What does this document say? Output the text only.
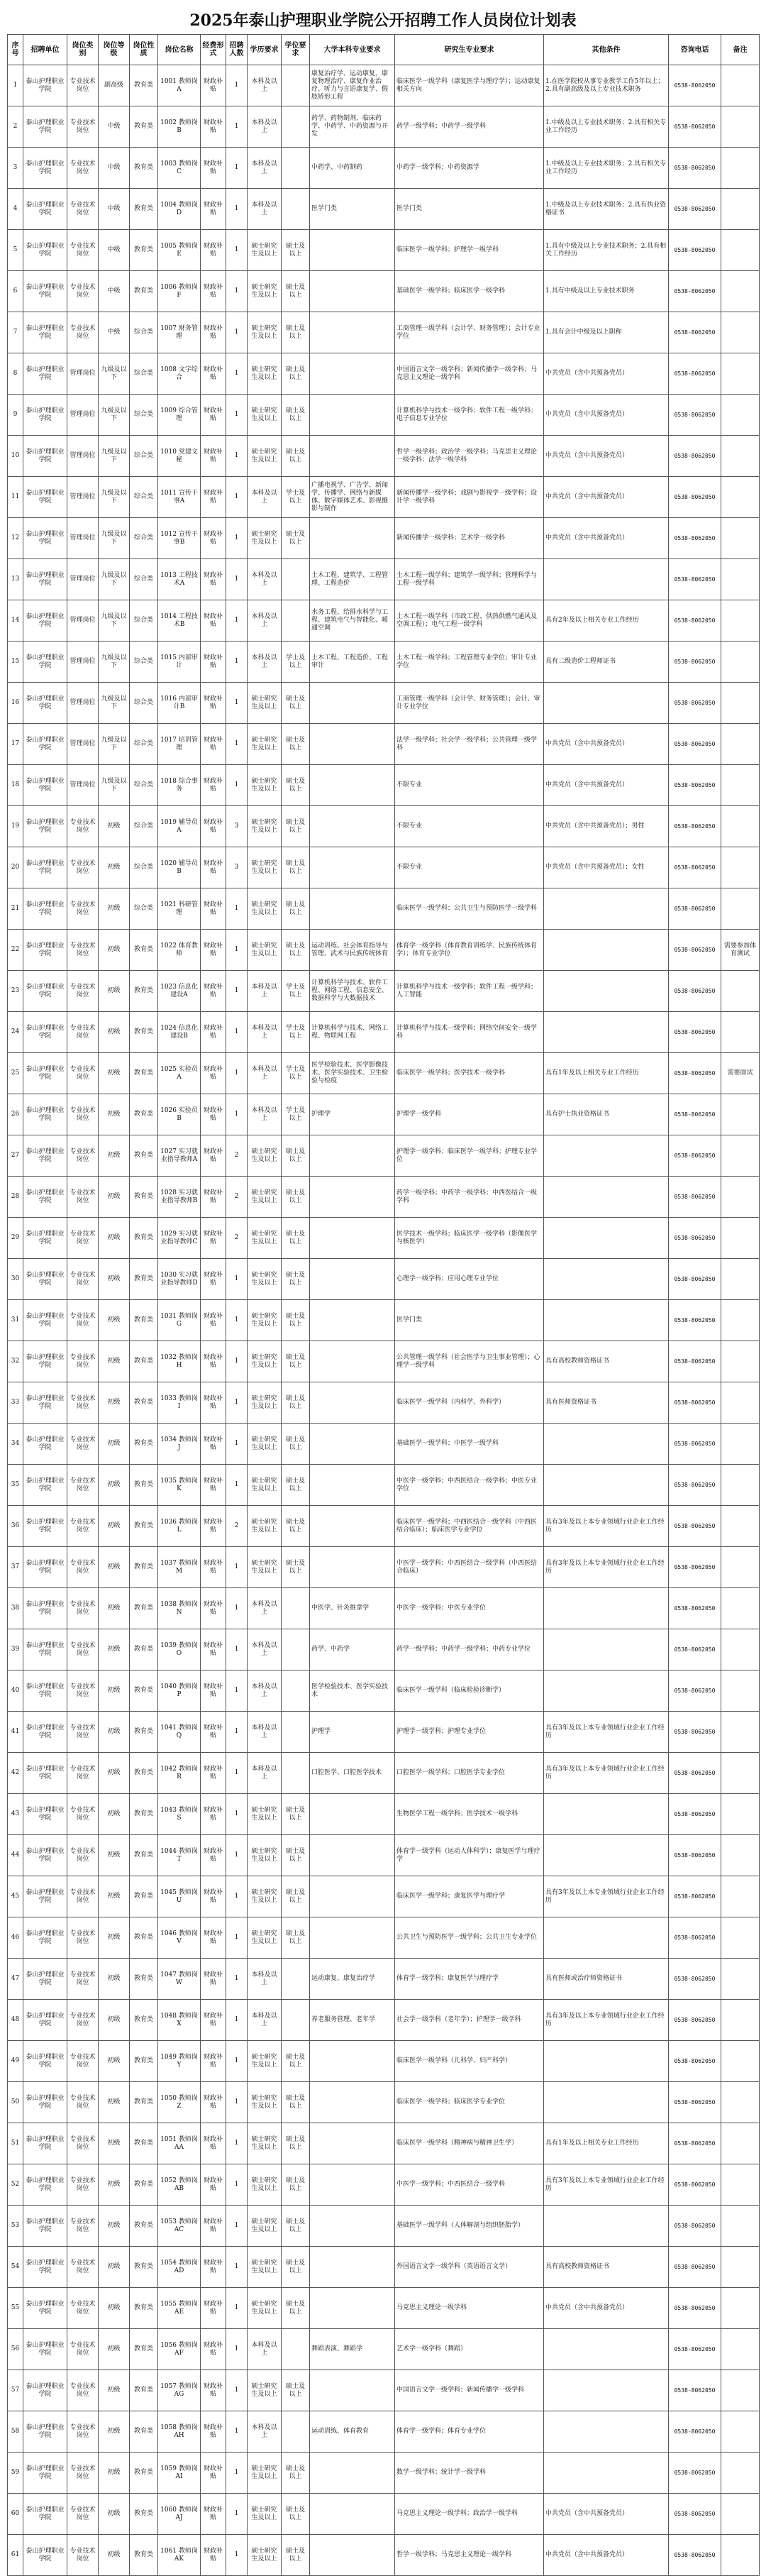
2025年泰山护理职业学院公开招聘工作人员岗位计划表
序号	招聘单位	岗位类别	岗位等级	岗位性质	岗位名称	经费形式	招聘人数	学历要求	学位要求	大学本科专业要求	研究生专业要求	其他条件	咨询电话	备注
1	泰山护理职业学院	专业技术岗位	副高级	教育类	1001 教师岗A	财政补贴	1	本科及以上		康复治疗学、运动康复、康复物理治疗、康复作业治疗、听力与言语康复学、假肢矫形工程	临床医学一级学科（康复医学与理疗学）；运动康复相关方向	1.在医学院校从事专业教学工作5年以上；2.具有副高级及以上专业技术职务	0538-8062050	
2	泰山护理职业学院	专业技术岗位	中级	教育类	1002 教师岗B	财政补贴	1	本科及以上		药学、药物制剂、临床药学、中药学、中药资源与开发	药学一级学科；中药学一级学科	1.中级及以上专业技术职务；2.具有相关专业工作经历	0538-8062050	
3	泰山护理职业学院	专业技术岗位	中级	教育类	1003 教师岗C	财政补贴	1	本科及以上		中药学、中药制药	中药学一级学科；中药资源学	1.中级及以上专业技术职务；2.具有相关专业工作经历	0538-8062050	
4	泰山护理职业学院	专业技术岗位	中级	教育类	1004 教师岗D	财政补贴	1	本科及以上		医学门类	医学门类	1.中级及以上专业技术职务；2.具有执业资格证书	0538-8062050	
5	泰山护理职业学院	专业技术岗位	中级	教育类	1005 教师岗E	财政补贴	1	硕士研究生及以上	硕士及以上		临床医学一级学科；护理学一级学科	1.具有中级及以上专业技术职务；2.具有相关工作经历	0538-8062050	
6	泰山护理职业学院	专业技术岗位	中级	教育类	1006 教师岗F	财政补贴	1	硕士研究生及以上	硕士及以上		基础医学一级学科；临床医学一级学科	1.具有中级及以上专业技术职务	0538-8062050	
7	泰山护理职业学院	专业技术岗位	中级	综合类	1007 财务管理	财政补贴	1	硕士研究生及以上	硕士及以上		工商管理一级学科（会计学、财务管理）；会计专业学位	1.具有会计中级及以上职称	0538-8062050	
8	泰山护理职业学院	管理岗位	九级及以下	综合类	1008 文字综合	财政补贴	1	硕士研究生及以上	硕士及以上		中国语言文学一级学科；新闻传播学一级学科；马克思主义理论一级学科	中共党员（含中共预备党员）	0538-8062050	
9	泰山护理职业学院	管理岗位	九级及以下	综合类	1009 综合管理	财政补贴	1	硕士研究生及以上	硕士及以上		计算机科学与技术一级学科；软件工程一级学科；电子信息专业学位	中共党员（含中共预备党员）	0538-8062050	
10	泰山护理职业学院	管理岗位	九级及以下	综合类	1010 党建文秘	财政补贴	1	硕士研究生及以上	硕士及以上		哲学一级学科；政治学一级学科；马克思主义理论一级学科；法学一级学科	中共党员（含中共预备党员）	0538-8062050	
11	泰山护理职业学院	管理岗位	九级及以下	综合类	1011 宣传干事A	财政补贴	1	本科及以上	学士及以上	广播电视学、广告学、新闻学、传播学、网络与新媒体、数字媒体艺术、影视摄影与制作	新闻传播学一级学科；戏剧与影视学一级学科；设计学一级学科	中共党员（含中共预备党员）	0538-8062050	
12	泰山护理职业学院	管理岗位	九级及以下	综合类	1012 宣传干事B	财政补贴	1	硕士研究生及以上	硕士及以上		新闻传播学一级学科；艺术学一级学科	中共党员（含中共预备党员）	0538-8062050	
13	泰山护理职业学院	管理岗位	九级及以下	综合类	1013 工程技术A	财政补贴	1	本科及以上		土木工程、建筑学、工程管理、工程造价	土木工程一级学科；建筑学一级学科；管理科学与工程一级学科		0538-8062050	
14	泰山护理职业学院	管理岗位	九级及以下	综合类	1014 工程技术B	财政补贴	1	本科及以上		水务工程、给排水科学与工程、建筑电气与智能化、暖通空调	土木工程一级学科（市政工程、供热供燃气通风及空调工程）；电气工程一级学科	具有2年及以上相关专业工作经历	0538-8062050	
15	泰山护理职业学院	管理岗位	九级及以下	综合类	1015 内部审计	财政补贴	1	本科及以上	学士及以上	土木工程、工程造价、工程审计	土木工程一级学科；工程管理专业学位；审计专业学位	具有二级造价工程师证书	0538-8062050	
16	泰山护理职业学院	管理岗位	九级及以下	综合类	1016 内部审计B	财政补贴	1	硕士研究生及以上	硕士及以上		工商管理一级学科（会计学、财务管理）；会计、审计专业学位		0538-8062050	
17	泰山护理职业学院	管理岗位	九级及以下	综合类	1017 培训管理	财政补贴	1	硕士研究生及以上	硕士及以上		法学一级学科；社会学一级学科；公共管理一级学科	中共党员（含中共预备党员）	0538-8062050	
18	泰山护理职业学院	管理岗位	九级及以下	综合类	1018 综合事务	财政补贴	1	硕士研究生及以上	硕士及以上		不限专业	中共党员（含中共预备党员）	0538-8062050	
19	泰山护理职业学院	专业技术岗位	初级	综合类	1019 辅导员A	财政补贴	3	硕士研究生及以上	硕士及以上		不限专业	中共党员（含中共预备党员）；男性	0538-8062050	
20	泰山护理职业学院	专业技术岗位	初级	综合类	1020 辅导员B	财政补贴	3	硕士研究生及以上	硕士及以上		不限专业	中共党员（含中共预备党员）；女性	0538-8062050	
21	泰山护理职业学院	专业技术岗位	初级	综合类	1021 科研管理	财政补贴	1	硕士研究生及以上	硕士及以上		临床医学一级学科；公共卫生与预防医学一级学科		0538-8062050	
22	泰山护理职业学院	专业技术岗位	初级	教育类	1022 体育教师	财政补贴	1	硕士研究生及以上	硕士及以上	运动训练、社会体育指导与管理、武术与民族传统体育	体育学一级学科（体育教育训练学、民族传统体育学）；体育专业学位		0538-8062050	需要参加体育测试
23	泰山护理职业学院	专业技术岗位	初级	教育类	1023 信息化建设A	财政补贴	1	本科及以上	学士及以上	计算机科学与技术、软件工程、网络工程、信息安全、数据科学与大数据技术	计算机科学与技术一级学科；软件工程一级学科；人工智能		0538-8062050	
24	泰山护理职业学院	专业技术岗位	初级	教育类	1024 信息化建设B	财政补贴	1	本科及以上	学士及以上	计算机科学与技术、网络工程、物联网工程	计算机科学与技术一级学科；网络空间安全一级学科		0538-8062050	
25	泰山护理职业学院	专业技术岗位	初级	教育类	1025 实验员A	财政补贴	1	本科及以上	学士及以上	医学检验技术、医学影像技术、医学实验技术、卫生检验与检疫	临床医学一级学科；医学技术一级学科	具有1年及以上相关专业工作经历	0538-8062050	需要面试
26	泰山护理职业学院	专业技术岗位	初级	教育类	1026 实验员B	财政补贴	1	本科及以上	学士及以上	护理学	护理学一级学科	具有护士执业资格证书	0538-8062050	
27	泰山护理职业学院	专业技术岗位	初级	教育类	1027 实习就业指导教师A	财政补贴	2	硕士研究生及以上	硕士及以上		护理学一级学科；临床医学一级学科；护理专业学位		0538-8062050	
28	泰山护理职业学院	专业技术岗位	初级	教育类	1028 实习就业指导教师B	财政补贴	2	硕士研究生及以上	硕士及以上		药学一级学科；中药学一级学科；中西医结合一级学科		0538-8062050	
29	泰山护理职业学院	专业技术岗位	初级	教育类	1029 实习就业指导教师C	财政补贴	2	硕士研究生及以上	硕士及以上		医学技术一级学科；临床医学一级学科（影像医学与核医学）		0538-8062050	
30	泰山护理职业学院	专业技术岗位	初级	教育类	1030 实习就业指导教师D	财政补贴	1	硕士研究生及以上	硕士及以上		心理学一级学科；应用心理专业学位		0538-8062050	
31	泰山护理职业学院	专业技术岗位	初级	教育类	1031 教师岗G	财政补贴	1	硕士研究生及以上	硕士及以上		医学门类		0538-8062050	
32	泰山护理职业学院	专业技术岗位	初级	教育类	1032 教师岗H	财政补贴	1	硕士研究生及以上	硕士及以上		公共管理一级学科（社会医学与卫生事业管理）；心理学一级学科	具有高校教师资格证书	0538-8062050	
33	泰山护理职业学院	专业技术岗位	初级	教育类	1033 教师岗I	财政补贴	1	硕士研究生及以上	硕士及以上		临床医学一级学科（内科学、外科学）	具有医师资格证书	0538-8062050	
34	泰山护理职业学院	专业技术岗位	初级	教育类	1034 教师岗J	财政补贴	1	硕士研究生及以上	硕士及以上		基础医学一级学科；中医学一级学科		0538-8062050	
35	泰山护理职业学院	专业技术岗位	初级	教育类	1035 教师岗K	财政补贴	1	硕士研究生及以上	硕士及以上		中医学一级学科；中西医结合一级学科；中医专业学位		0538-8062050	
36	泰山护理职业学院	专业技术岗位	初级	教育类	1036 教师岗L	财政补贴	2	硕士研究生及以上	硕士及以上		临床医学一级学科；中西医结合一级学科（中西医结合临床）；临床医学专业学位	具有3年及以上本专业领域行业企业工作经历	0538-8062050	
37	泰山护理职业学院	专业技术岗位	初级	教育类	1037 教师岗M	财政补贴	1	硕士研究生及以上	硕士及以上		中医学一级学科；中西医结合一级学科（中西医结合临床）	具有3年及以上本专业领域行业企业工作经历	0538-8062050	
38	泰山护理职业学院	专业技术岗位	初级	教育类	1038 教师岗N	财政补贴	1	本科及以上		中医学、针灸推拿学	中医学一级学科；中医专业学位		0538-8062050	
39	泰山护理职业学院	专业技术岗位	初级	教育类	1039 教师岗O	财政补贴	1	本科及以上		药学、中药学	药学一级学科；中药学一级学科；中药专业学位		0538-8062050	
40	泰山护理职业学院	专业技术岗位	初级	教育类	1040 教师岗P	财政补贴	1	本科及以上		医学检验技术、医学实验技术	临床医学一级学科（临床检验诊断学）		0538-8062050	
41	泰山护理职业学院	专业技术岗位	初级	教育类	1041 教师岗Q	财政补贴	1	本科及以上		护理学	护理学一级学科；护理专业学位	具有3年及以上本专业领域行业企业工作经历	0538-8062050	
42	泰山护理职业学院	专业技术岗位	初级	教育类	1042 教师岗R	财政补贴	1	本科及以上		口腔医学、口腔医学技术	口腔医学一级学科；口腔医学专业学位	具有3年及以上本专业领域行业企业工作经历	0538-8062050	
43	泰山护理职业学院	专业技术岗位	初级	教育类	1043 教师岗S	财政补贴	1	硕士研究生及以上	硕士及以上		生物医学工程一级学科；医学技术一级学科		0538-8062050	
44	泰山护理职业学院	专业技术岗位	初级	教育类	1044 教师岗T	财政补贴	1	硕士研究生及以上	硕士及以上		体育学一级学科（运动人体科学）；康复医学与理疗学		0538-8062050	
45	泰山护理职业学院	专业技术岗位	初级	教育类	1045 教师岗U	财政补贴	1	硕士研究生及以上	硕士及以上		临床医学一级学科；康复医学与理疗学	具有3年及以上本专业领域行业企业工作经历	0538-8062050	
46	泰山护理职业学院	专业技术岗位	初级	教育类	1046 教师岗V	财政补贴	1	硕士研究生及以上	硕士及以上		公共卫生与预防医学一级学科；公共卫生专业学位		0538-8062050	
47	泰山护理职业学院	专业技术岗位	初级	教育类	1047 教师岗W	财政补贴	1	本科及以上		运动康复、康复治疗学	体育学一级学科；康复医学与理疗学	具有医师或治疗师资格证书	0538-8062050	
48	泰山护理职业学院	专业技术岗位	初级	教育类	1048 教师岗X	财政补贴	1	本科及以上		养老服务管理、老年学	社会学一级学科（老年学）；护理学一级学科	具有3年及以上本专业领域行业企业工作经历	0538-8062050	
49	泰山护理职业学院	专业技术岗位	初级	教育类	1049 教师岗Y	财政补贴	1	硕士研究生及以上	硕士及以上		临床医学一级学科（儿科学、妇产科学）		0538-8062050	
50	泰山护理职业学院	专业技术岗位	初级	教育类	1050 教师岗Z	财政补贴	1	硕士研究生及以上	硕士及以上		临床医学一级学科；临床医学专业学位		0538-8062050	
51	泰山护理职业学院	专业技术岗位	初级	教育类	1051 教师岗AA	财政补贴	1	硕士研究生及以上	硕士及以上		临床医学一级学科（精神病与精神卫生学）	具有1年及以上相关专业工作经历	0538-8062050	
52	泰山护理职业学院	专业技术岗位	初级	教育类	1052 教师岗AB	财政补贴	1	硕士研究生及以上	硕士及以上		中医学一级学科；中西医结合一级学科	具有3年及以上本专业领域行业企业工作经历	0538-8062050	
53	泰山护理职业学院	专业技术岗位	初级	教育类	1053 教师岗AC	财政补贴	1	硕士研究生及以上	硕士及以上		基础医学一级学科（人体解剖与组织胚胎学）		0538-8062050	
54	泰山护理职业学院	专业技术岗位	初级	教育类	1054 教师岗AD	财政补贴	1	硕士研究生及以上	硕士及以上		外国语言文学一级学科（英语语言文学）	具有高校教师资格证书	0538-8062050	
55	泰山护理职业学院	专业技术岗位	初级	教育类	1055 教师岗AE	财政补贴	1	硕士研究生及以上	硕士及以上		马克思主义理论一级学科	中共党员（含中共预备党员）	0538-8062050	
56	泰山护理职业学院	专业技术岗位	初级	教育类	1056 教师岗AF	财政补贴	1	本科及以上		舞蹈表演、舞蹈学	艺术学一级学科（舞蹈）		0538-8062050	
57	泰山护理职业学院	专业技术岗位	初级	教育类	1057 教师岗AG	财政补贴	1	硕士研究生及以上	硕士及以上		中国语言文学一级学科；新闻传播学一级学科		0538-8062050	
58	泰山护理职业学院	专业技术岗位	初级	教育类	1058 教师岗AH	财政补贴	1	本科及以上		运动训练、体育教育	体育学一级学科；体育专业学位		0538-8062050	
59	泰山护理职业学院	专业技术岗位	初级	教育类	1059 教师岗AI	财政补贴	1	硕士研究生及以上	硕士及以上		数学一级学科；统计学一级学科		0538-8062050	
60	泰山护理职业学院	专业技术岗位	初级	教育类	1060 教师岗AJ	财政补贴	1	硕士研究生及以上	硕士及以上		马克思主义理论一级学科；政治学一级学科	中共党员（含中共预备党员）	0538-8062050	
61	泰山护理职业学院	专业技术岗位	初级	教育类	1061 教师岗AK	财政补贴	1	硕士研究生及以上	硕士及以上		哲学一级学科；马克思主义理论一级学科	中共党员（含中共预备党员）	0538-8062050	
